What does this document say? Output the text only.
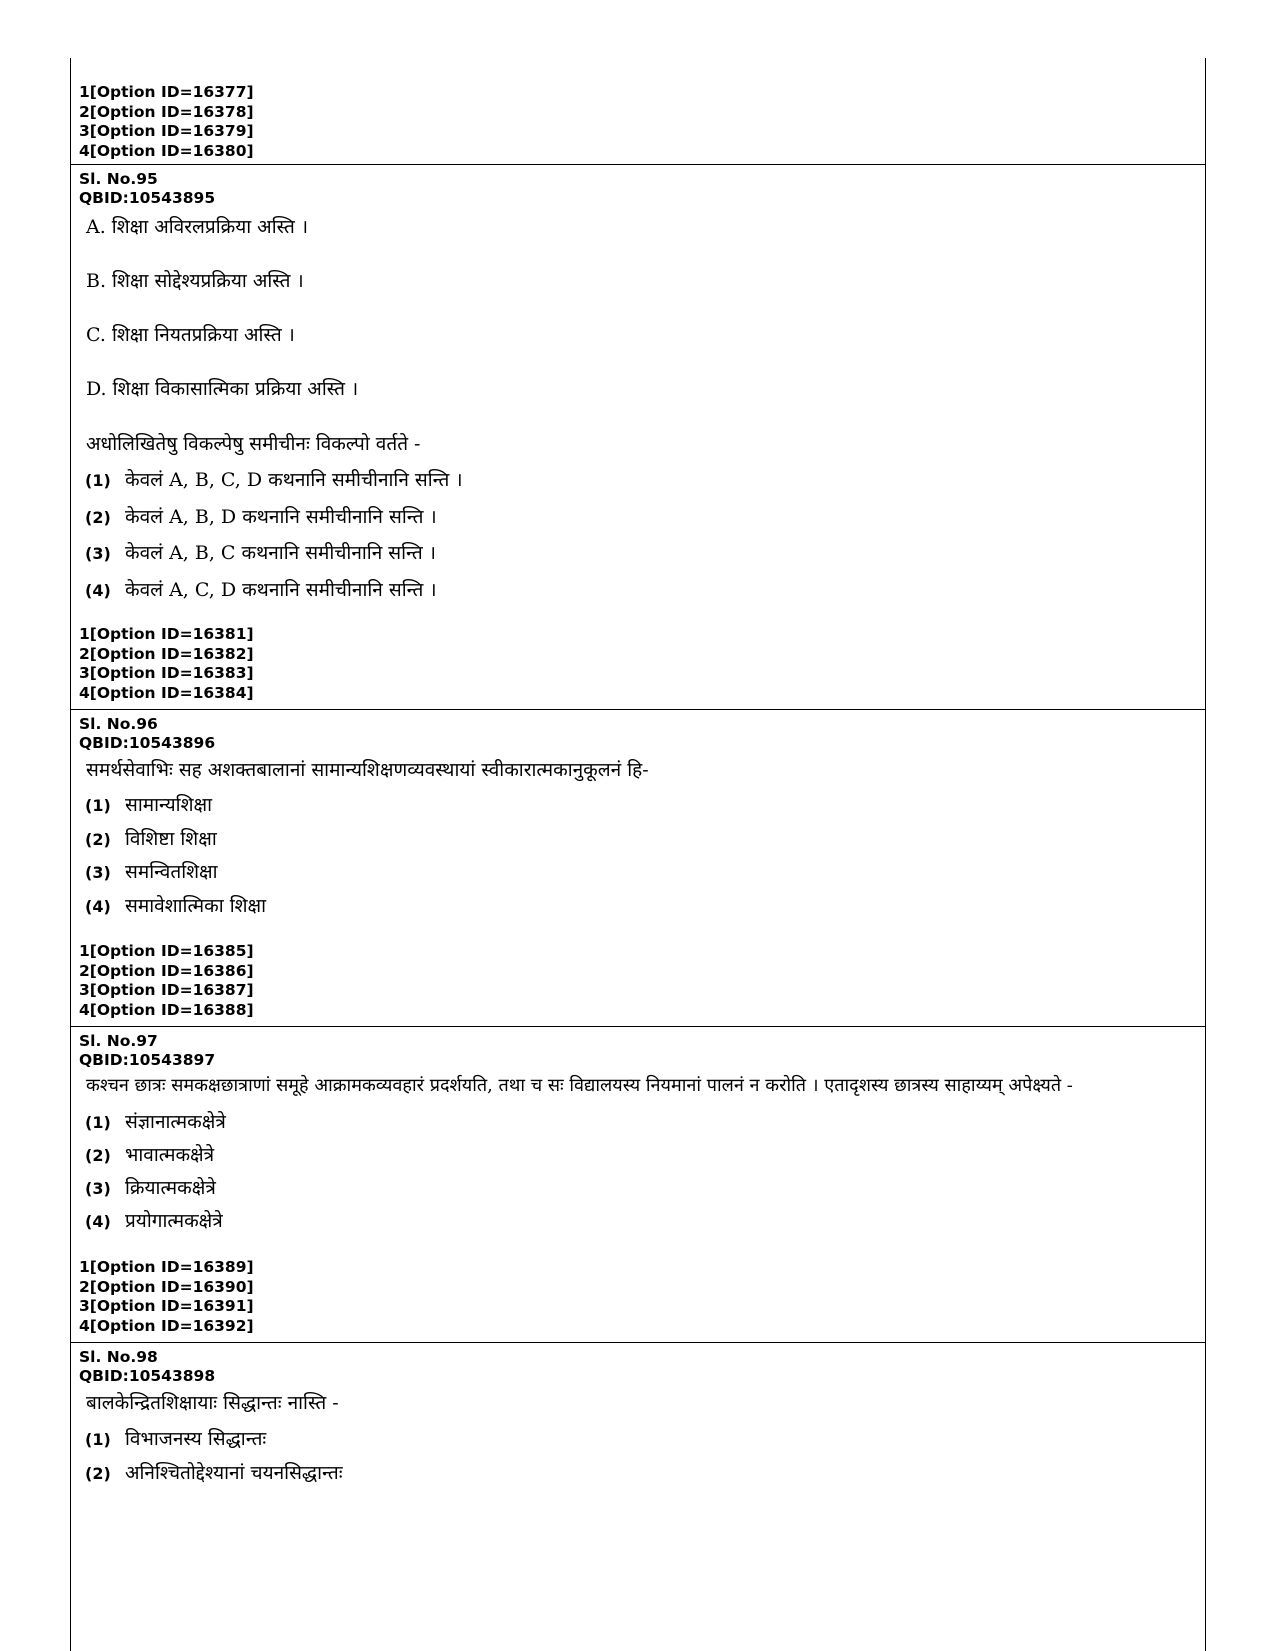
1[Option ID=16377]
2[Option ID=16378]
3[Option ID=16379]
4[Option ID=16380]
Sl. No.95
QBID:10543895
A. शिक्षा अविरलप्रक्रिया अस्ति ।
B. शिक्षा सोद्देश्यप्रक्रिया अस्ति ।
C. शिक्षा नियतप्रक्रिया अस्ति ।
D. शिक्षा विकासात्मिका प्रक्रिया अस्ति ।
अधोलिखितेषु विकल्पेषु समीचीनः विकल्पो वर्तते -
(1) केवलं A, B, C, D कथनानि समीचीनानि सन्ति ।
(2) केवलं A, B, D कथनानि समीचीनानि सन्ति ।
(3) केवलं A, B, C कथनानि समीचीनानि सन्ति ।
(4) केवलं A, C, D कथनानि समीचीनानि सन्ति ।
1[Option ID=16381]
2[Option ID=16382]
3[Option ID=16383]
4[Option ID=16384]
Sl. No.96
QBID:10543896
समर्थसेवाभिः सह अशक्तबालानां सामान्यशिक्षणव्यवस्थायां स्वीकारात्मकानुकूलनं हि-
(1) सामान्यशिक्षा
(2) विशिष्टा शिक्षा
(3) समन्वितशिक्षा
(4) समावेशात्मिका शिक्षा
1[Option ID=16385]
2[Option ID=16386]
3[Option ID=16387]
4[Option ID=16388]
Sl. No.97
QBID:10543897
कश्चन छात्रः समकक्षछात्राणां समूहे आक्रामकव्यवहारं प्रदर्शयति, तथा च सः विद्यालयस्य नियमानां पालनं न करोति । एतादृशस्य छात्रस्य साहाय्यम् अपेक्ष्यते -
(1) संज्ञानात्मकक्षेत्रे
(2) भावात्मकक्षेत्रे
(3) क्रियात्मकक्षेत्रे
(4) प्रयोगात्मकक्षेत्रे
1[Option ID=16389]
2[Option ID=16390]
3[Option ID=16391]
4[Option ID=16392]
Sl. No.98
QBID:10543898
बालकेन्द्रितशिक्षायाः सिद्धान्तः नास्ति -
(1) विभाजनस्य सिद्धान्तः
(2) अनिश्चितोद्देश्यानां चयनसिद्धान्तः
